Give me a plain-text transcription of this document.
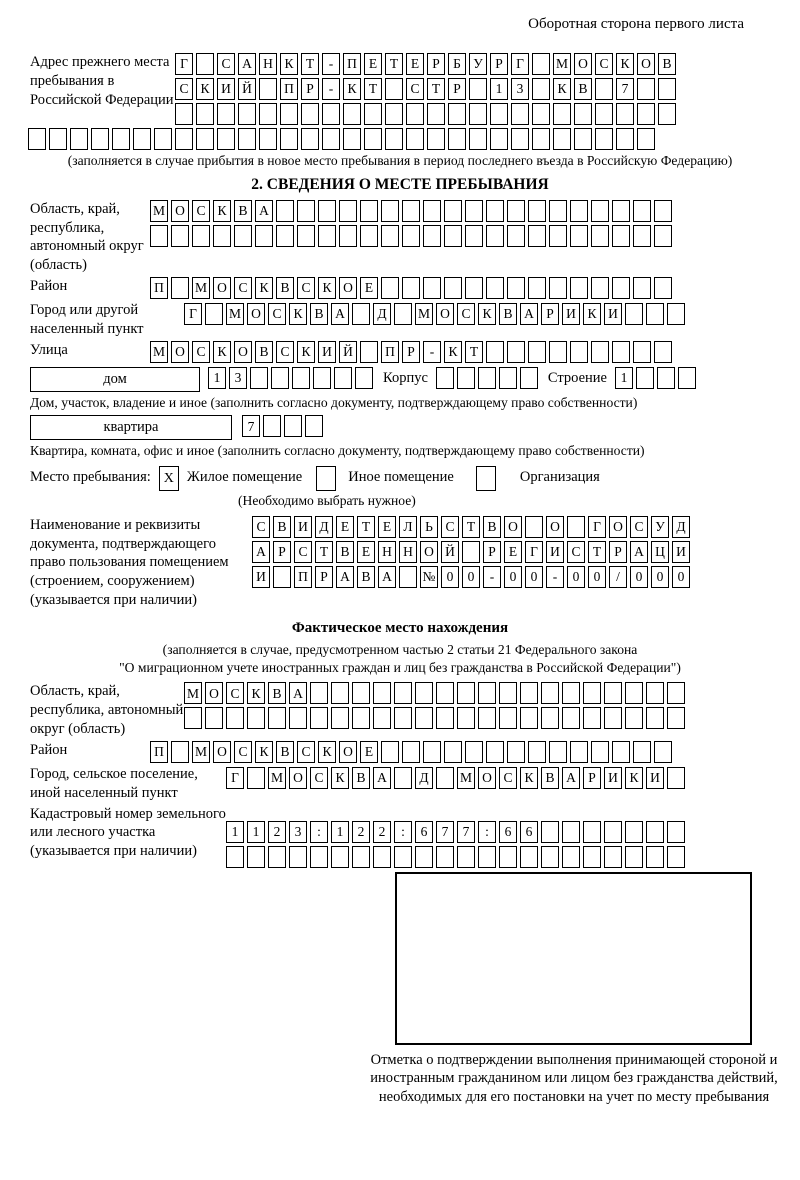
Оборотная сторона первого листа
Адрес прежнего места пребывания в Российской Федерации
Г	С А Н К Т	-	П Е Т Е Р Б У Р Г	М О С К О В
С К И Й	П Р	-	К Т	С Т Р	1	3	К В	7
(заполняется в случае прибытия в новое место пребывания в период последнего въезда в Российскую Федерацию)
2. СВЕДЕНИЯ О МЕСТЕ ПРЕБЫВАНИЯ
Область, край, республика, автономный округ (область)
М О С К В А
Район	П	М О С К В С К О Е
Город или другой населенный пункт
Г	М О С К В А	Д	М О С К В А Р И К И
Улица	М О С К О В С К И Й	П Р	-	К Т
дом	1	3	Корпус	Строение	1
Дом, участок, владение и иное (заполнить согласно документу, подтверждающему право собственности)
квартира	7
Квартира, комната, офис и иное (заполнить согласно документу, подтверждающему право собственности)
Место пребывания: X Жилое помещение	Иное помещение	Организация
(Необходимо выбрать нужное)
Наименование и реквизиты документа, подтверждающего право пользования помещением (строением, сооружением) (указывается при наличии)
С В И Д Е Т Е Л Ь С Т В О	О	Г О С У Д
А Р С Т В Е Н Н О Й	Р Е Г И С Т Р А Ц И
И	П Р А В А	№ 0	0	-	0	0	-	0	0	/	0	0	0
Фактическое место нахождения
(заполняется в случае, предусмотренном частью 2 статьи 21 Федерального закона
"О миграционном учете иностранных граждан и лиц без гражданства в Российской Федерации")
Область, край, республика, автономный округ (область)
М О С К В А
Район	П	М О С К В С К О Е
Город, сельское поселение, иной населенный пункт
Г	М О С К В А	Д	М О С К В А Р И К И
Кадастровый номер земельного или лесного участка (указывается при наличии)
1	1	2	3	:	1	2	2	:	6	7	7	:	6	6
Отметка о подтверждении выполнения принимающей стороной и иностранным гражданином или лицом без гражданства действий, необходимых для его постановки на учет по месту пребывания
